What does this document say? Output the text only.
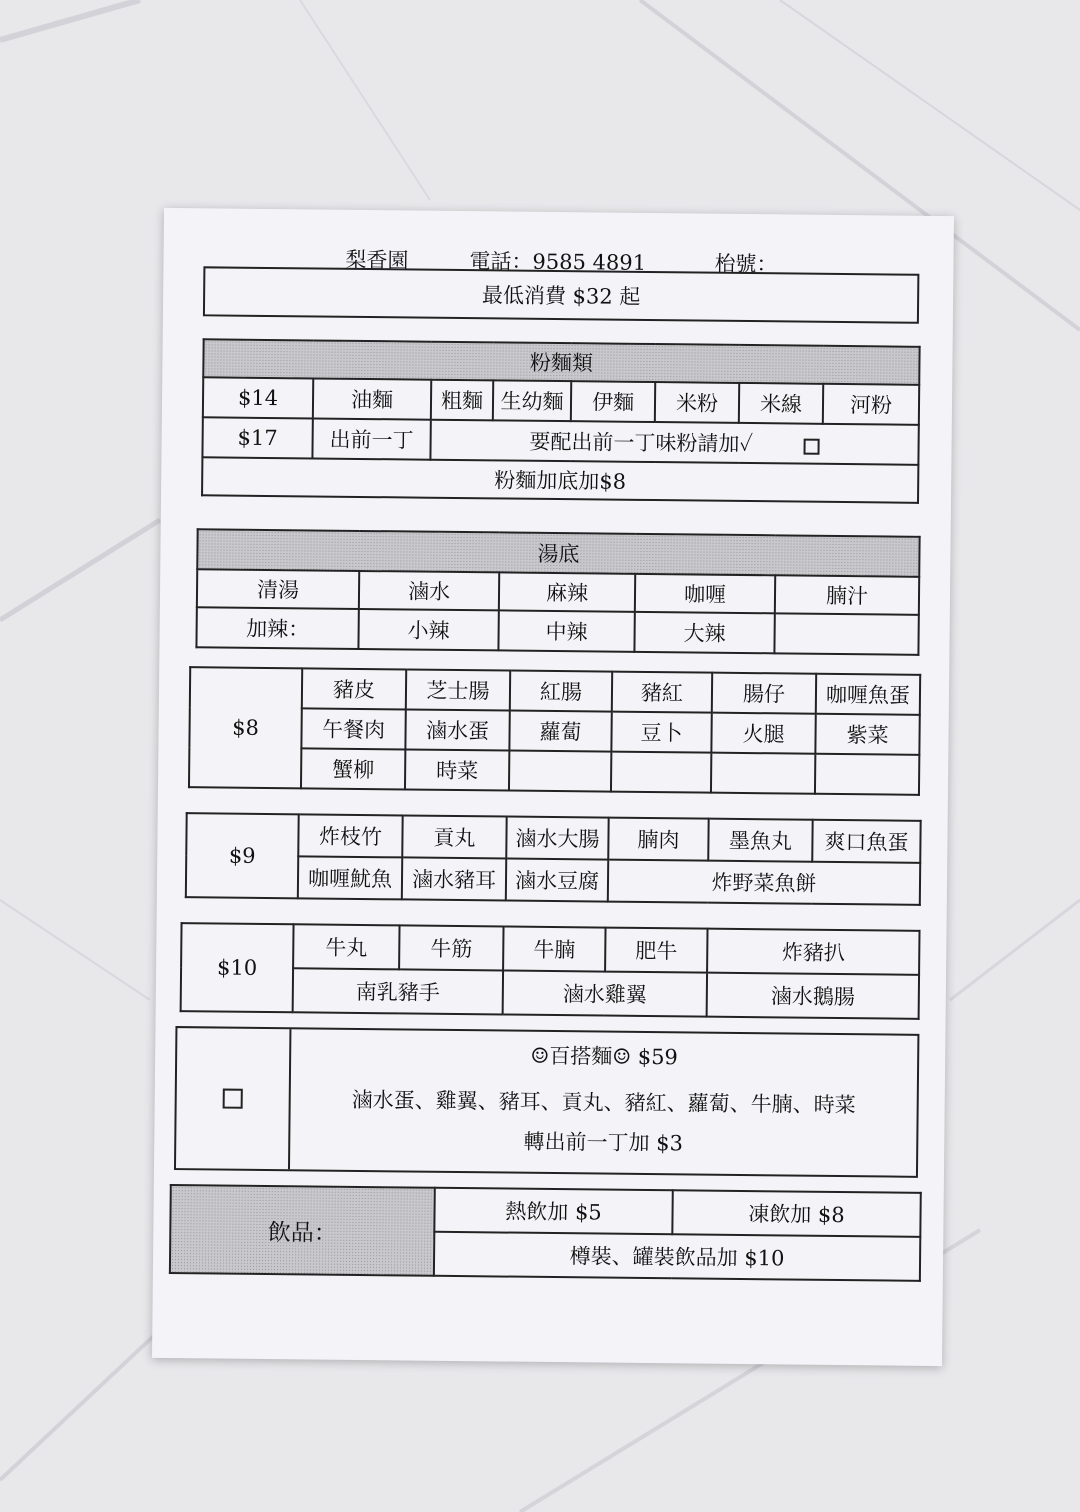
梨香園	電話：9585 4891	枱號：
最低消費 $32 起
粉麵類							
$14	油麵	粗麵	生幼麵	伊麵	米粉	米線	河粉
$17	出前一丁	要配出前一丁味粉請加✓					
粉麵加底加$8							
湯底				
清湯	滷水	麻辣	咖喱	腩汁
加辣：	小辣	中辣	大辣	
$8	豬皮	芝士腸	紅腸	豬紅	腸仔	咖喱魚蛋
	午餐肉	滷水蛋	蘿蔔	豆卜	火腿	紫菜
	蟹柳	時菜				
$9	炸枝竹	貢丸	滷水大腸	腩肉	墨魚丸	爽口魚蛋
	咖喱魷魚	滷水豬耳	滷水豆腐	炸野菜魚餅		
$10	牛丸	牛筋	牛腩	肥牛	炸豬扒
	南乳豬手		滷水雞翼		滷水鵝腸
☺百搭麵☺ $59
滷水蛋、雞翼、豬耳、貢丸、豬紅、蘿蔔、牛腩、時菜
轉出前一丁加 $3
飲品：	熱飲加 $5	凍飲加 $8
樽裝、罐裝飲品加 $10
